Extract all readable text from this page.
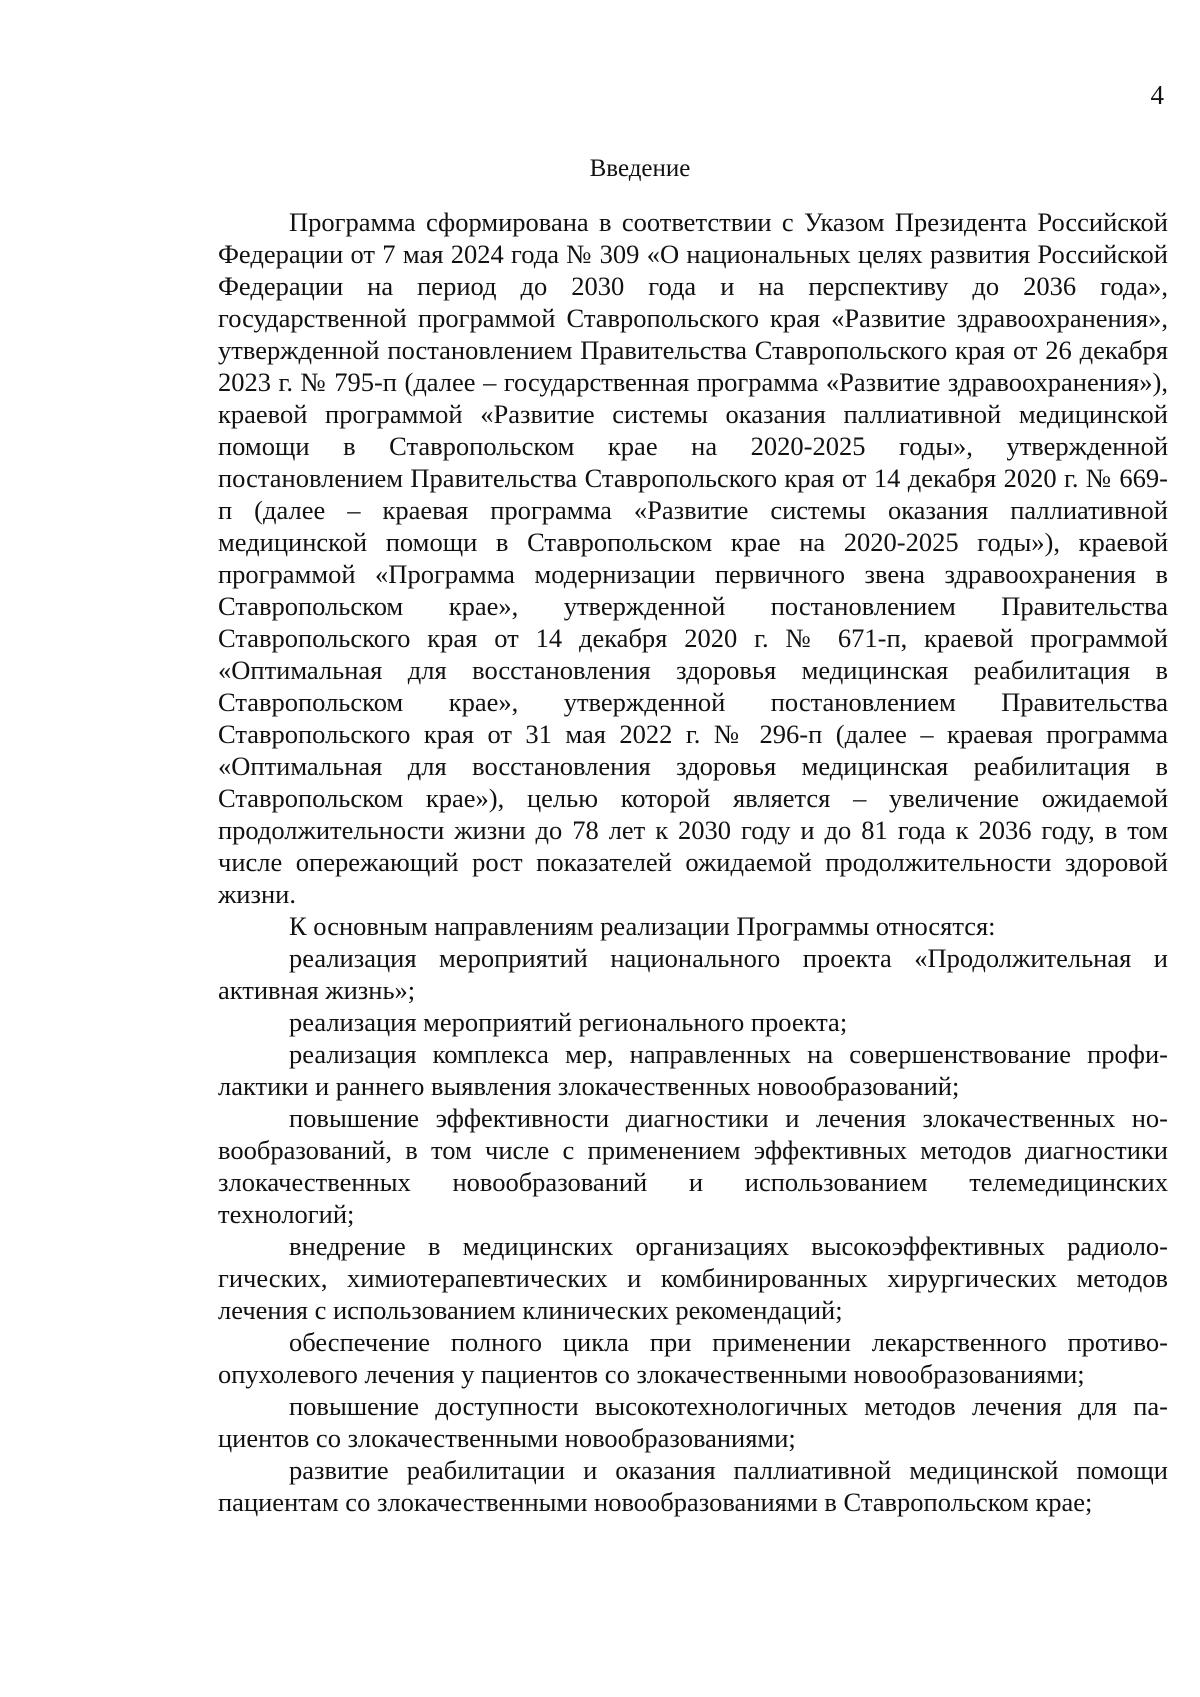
4
Введение

Программа сформирована в соответствии с Указом Президента Российской Федерации от 7 мая 2024 года № 309 «О национальных целях развития Российской Федерации на период до 2030 года и на перспективу до 2036 года», государственной программой Ставропольского края «Развитие здравоохранения», утвержденной постановлением Правительства Ставропольского края от 26 декабря 2023 г. № 795-п (далее – государственная программа «Развитие здравоохранения»), краевой программой «Развитие системы оказания паллиативной медицинской помощи в Ставропольском крае на 2020-2025 годы», утвержденной постановлением Правительства Ставропольского края от 14 декабря 2020 г. № 669-п (далее – краевая программа «Развитие системы оказания паллиативной медицинской помощи в Ставропольском крае на 2020-2025 годы»), краевой программой «Программа модернизации первичного звена здравоохранения в Ставропольском крае», утвержденной постановлением Правительства Ставропольского края от 14 декабря 2020 г. № 671-п, краевой программой «Оптимальная для восстановления здоровья медицинская реабилитация в Ставропольском крае», утвержденной постановлением Правительства Ставропольского края от 31 мая 2022 г. № 296-п (далее – краевая программа «Оптимальная для восстановления здоровья медицинская реабилитация в Ставропольском крае»), целью которой является – увеличение ожидаемой продолжительности жизни до 78 лет к 2030 году и до 81 года к 2036 году, в том числе опережающий рост показателей ожидаемой продолжительности здоровой жизни.

К основным направлениям реализации Программы относятся:

реализация мероприятий национального проекта «Продолжительная и активная жизнь»;

реализация мероприятий регионального проекта;

реализация комплекса мер, направленных на совершенствование профилактики и раннего выявления злокачественных новообразований;

повышение эффективности диагностики и лечения злокачественных новообразований, в том числе с применением эффективных методов диагностики злокачественных новообразований и использованием телемедицинских технологий;

внедрение в медицинских организациях высокоэффективных радиологических, химиотерапевтических и комбинированных хирургических методов лечения с использованием клинических рекомендаций;

обеспечение полного цикла при применении лекарственного противоопухолевого лечения у пациентов со злокачественными новообразованиями;

повышение доступности высокотехнологичных методов лечения для пациентов со злокачественными новообразованиями;

развитие реабилитации и оказания паллиативной медицинской помощи пациентам со злокачественными новообразованиями в Ставропольском крае;
